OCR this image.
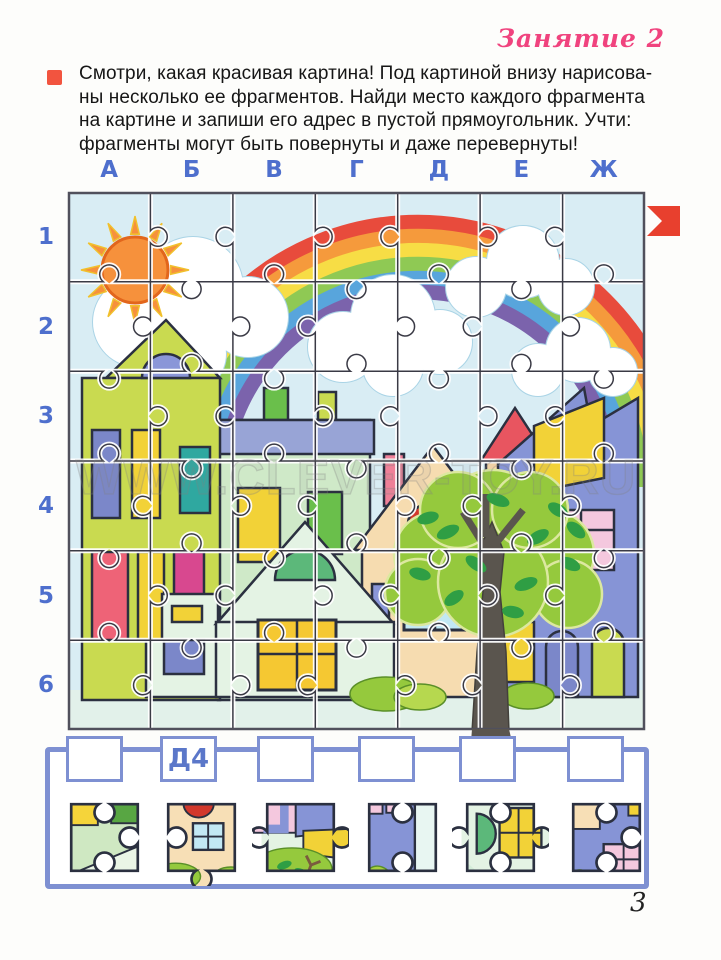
Занятие 2
Смотри, какая красивая картина! Под картиной внизу нарисова-
ны несколько ее фрагментов. Найди место каждого фрагмента
на картине и запиши его адрес в пустой прямоугольник. Учти:
фрагменты могут быть повернуты и даже перевернуты!
А	Б	В	Г	Д	Е	Ж
1
2
3
4
5
6
WWW.CLEVER-TOY.RU
Д4
3
